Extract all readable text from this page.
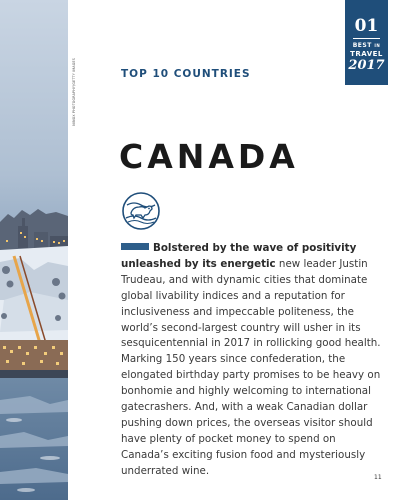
NINOX PHOTOGRAPHY/GETTY IMAGES
01
BEST IN
TRAVEL
2017
TOP 10 COUNTRIES
CANADA

Bolstered by the wave of positivity unleashed by its energetic new leader Justin Trudeau, and with dynamic cities that dominate global livability indices and a reputation for inclusiveness and impeccable politeness, the world’s second-largest country will usher in its sesquicentennial in 2017 in rollicking good health. Marking 150 years since confederation, the elongated birthday party promises to be heavy on bonhomie and highly welcoming to international gatecrashers. And, with a weak Canadian dollar pushing down prices, the overseas visitor should have plenty of pocket money to spend on Canada’s exciting fusion food and mysteriously underrated wine.

11
